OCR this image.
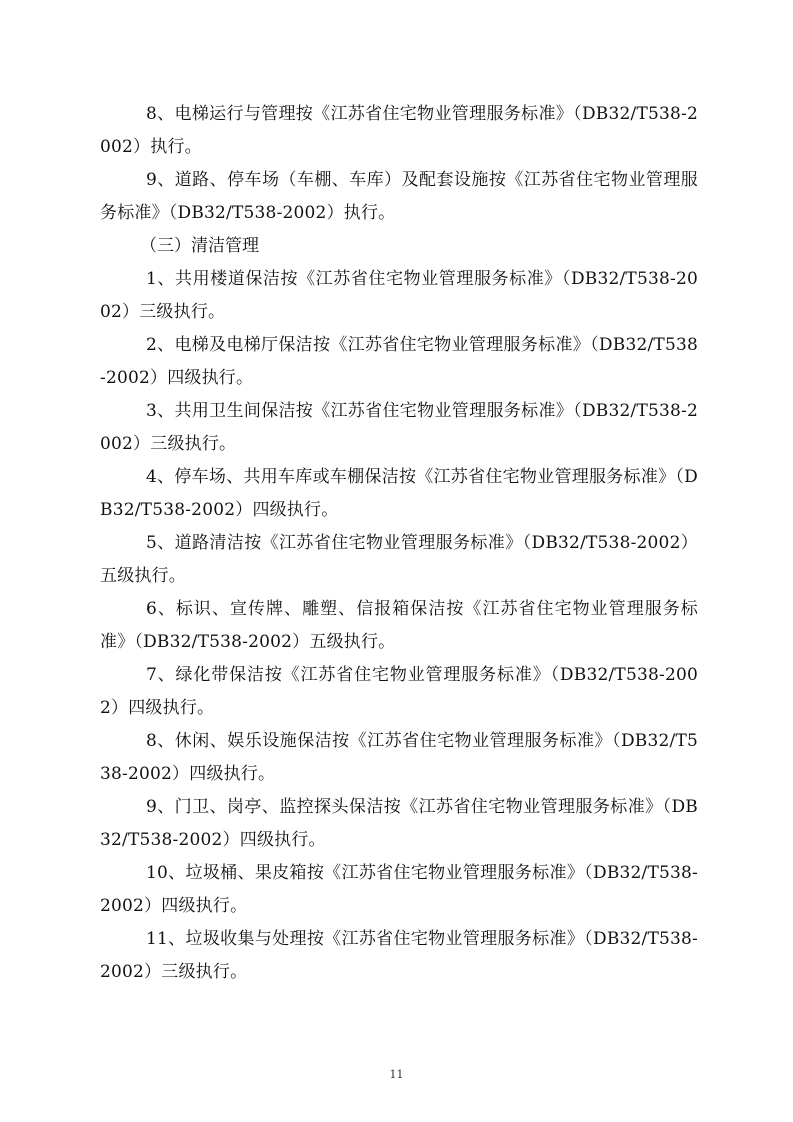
8、电梯运行与管理按《江苏省住宅物业管理服务标准》（DB32/T538-2002）执行。

9、道路、停车场（车棚、车库）及配套设施按《江苏省住宅物业管理服务标准》（DB32/T538-2002）执行。

（三）清洁管理

1、共用楼道保洁按《江苏省住宅物业管理服务标准》（DB32/T538-2002）三级执行。

2、电梯及电梯厅保洁按《江苏省住宅物业管理服务标准》（DB32/T538-2002）四级执行。

3、共用卫生间保洁按《江苏省住宅物业管理服务标准》（DB32/T538-2002）三级执行。

4、停车场、共用车库或车棚保洁按《江苏省住宅物业管理服务标准》（DB32/T538-2002）四级执行。

5、道路清洁按《江苏省住宅物业管理服务标准》（DB32/T538-2002）五级执行。

6、标识、宣传牌、雕塑、信报箱保洁按《江苏省住宅物业管理服务标准》（DB32/T538-2002）五级执行。

7、绿化带保洁按《江苏省住宅物业管理服务标准》（DB32/T538-2002）四级执行。

8、休闲、娱乐设施保洁按《江苏省住宅物业管理服务标准》（DB32/T538-2002）四级执行。

9、门卫、岗亭、监控探头保洁按《江苏省住宅物业管理服务标准》（DB32/T538-2002）四级执行。

10、垃圾桶、果皮箱按《江苏省住宅物业管理服务标准》（DB32/T538-2002）四级执行。

11、垃圾收集与处理按《江苏省住宅物业管理服务标准》（DB32/T538-2002）三级执行。

11
